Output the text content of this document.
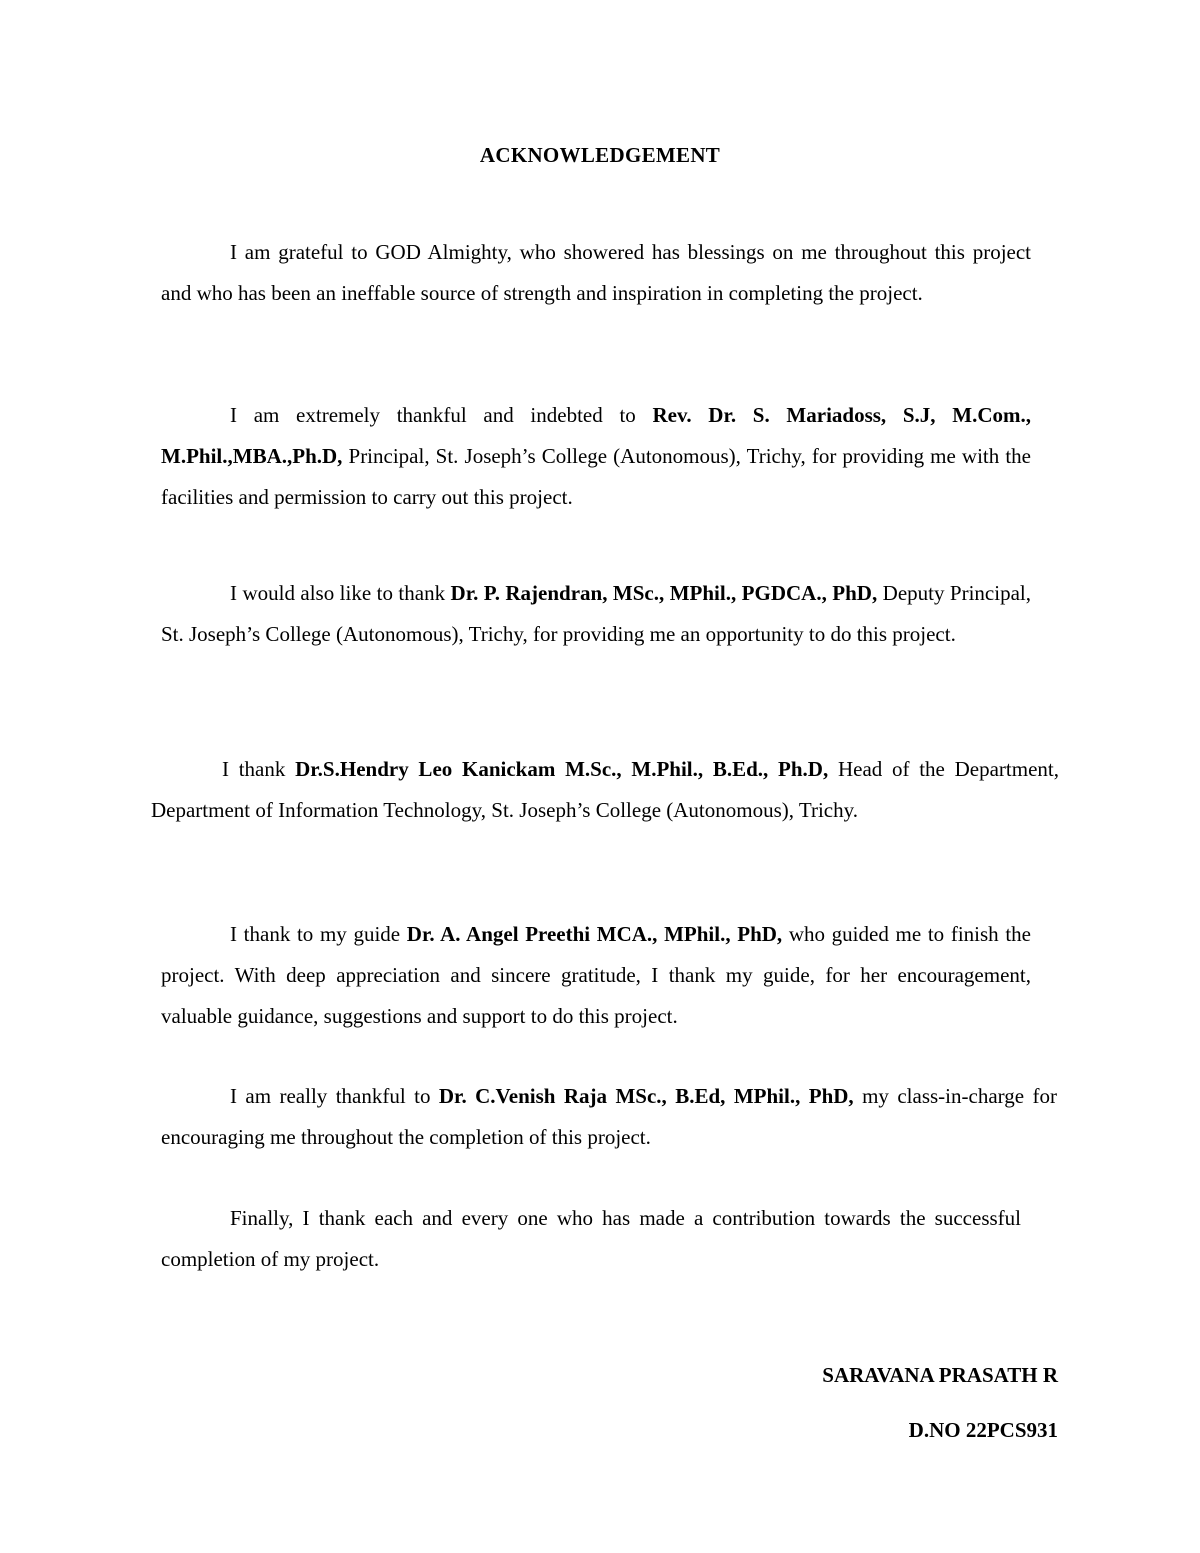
ACKNOWLEDGEMENT

I am grateful to GOD Almighty, who showered has blessings on me throughout this project and who has been an ineffable source of strength and inspiration in completing the project.

I am extremely thankful and indebted to Rev. Dr. S. Mariadoss, S.J, M.Com., M.Phil.,MBA.,Ph.D, Principal, St. Joseph’s College (Autonomous), Trichy, for providing me with the facilities and permission to carry out this project.

I would also like to thank Dr. P. Rajendran, MSc., MPhil., PGDCA., PhD, Deputy Principal, St. Joseph’s College (Autonomous), Trichy, for providing me an opportunity to do this project.

I thank Dr.S.Hendry Leo Kanickam M.Sc., M.Phil., B.Ed., Ph.D, Head of the Department, Department of Information Technology, St. Joseph’s College (Autonomous), Trichy.

I thank to my guide Dr. A. Angel Preethi MCA., MPhil., PhD, who guided me to finish the project. With deep appreciation and sincere gratitude, I thank my guide, for her encouragement, valuable guidance, suggestions and support to do this project.

I am really thankful to Dr. C.Venish Raja MSc., B.Ed, MPhil., PhD, my class-in-charge for encouraging me throughout the completion of this project.

Finally, I thank each and every one who has made a contribution towards the successful completion of my project.

SARAVANA PRASATH R
D.NO 22PCS931
